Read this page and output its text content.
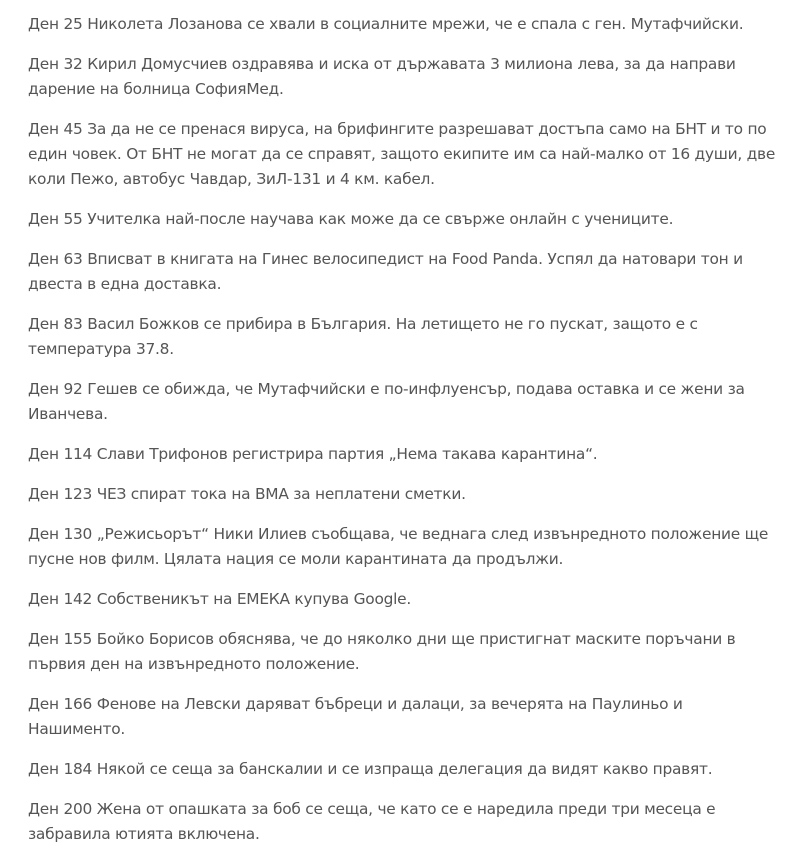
Ден 25 Николета Лозанова се хвали в социалните мрежи, че е спала с ген. Мутафчийски.

Ден 32 Кирил Домусчиев оздравява и иска от държавата 3 милиона лева, за да направи дарение на болница СофияМед.

Ден 45 За да не се пренася вируса, на брифингите разрешават достъпа само на БНТ и то по един човек. От БНТ не могат да се справят, защото екипите им са най-малко от 16 души, две коли Пежо, автобус Чавдар, ЗиЛ-131 и 4 км. кабел.

Ден 55 Учителка най-после научава как може да се свърже онлайн с учениците.

Ден 63 Вписват в книгата на Гинес велосипедист на Food Panda. Успял да натовари тон и двеста в една доставка.

Ден 83 Васил Божков се прибира в България. На летището не го пускат, защото е с температура 37.8.

Ден 92 Гешев се обижда, че Мутафчийски е по-инфлуенсър, подава оставка и се жени за Иванчева.

Ден 114 Слави Трифонов регистрира партия „Нема такава карантина“.

Ден 123 ЧЕЗ спират тока на ВМА за неплатени сметки.

Ден 130 „Режисьорът“ Ники Илиев съобщава, че веднага след извънредното положение ще пусне нов филм. Цялата нация се моли карантината да продължи.

Ден 142 Собственикът на ЕМЕКА купува Google.

Ден 155 Бойко Борисов обяснява, че до няколко дни ще пристигнат маските поръчани в първия ден на извънредното положение.

Ден 166 Фенове на Левски даряват бъбреци и далаци, за вечерята на Паулиньо и Нашименто.

Ден 184 Някой се сеща за банскалии и се изпраща делегация да видят какво правят.

Ден 200 Жена от опашката за боб се сеща, че като се е наредила преди три месеца е забравила ютията включена.
